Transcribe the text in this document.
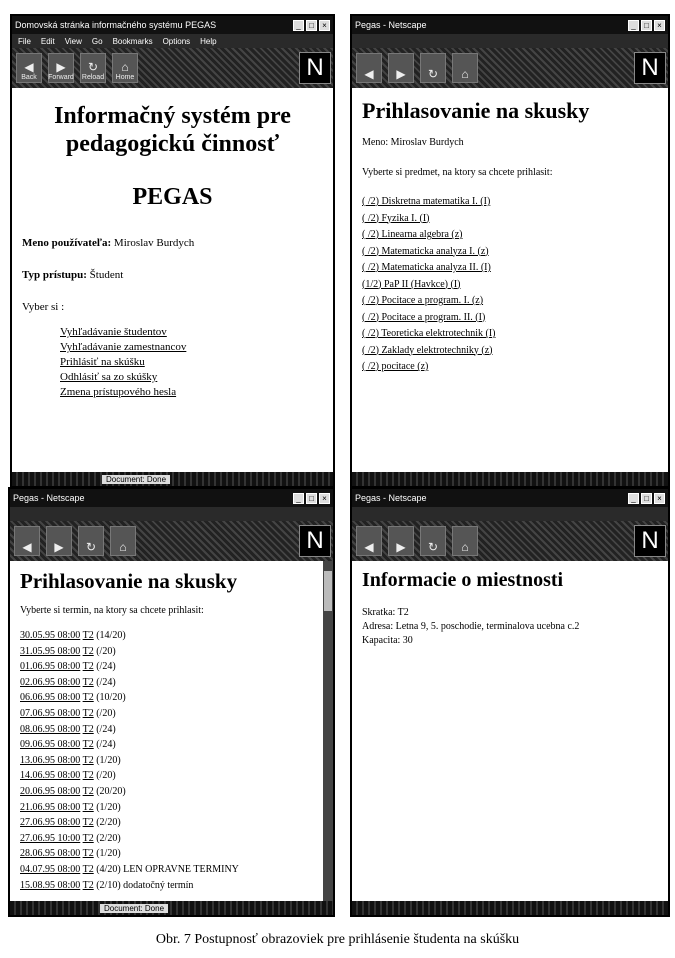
Domovská stránka informačného systému PEGAS	_	□	×
File Edit View Go Bookmarks Options Help
◀
Back
▶
Forward
↻
Reload
⌂
Home	N
Informačný systém pre pedagogickú činnosť
PEGAS
Meno používateľa: Miroslav Burdych
Typ prístupu: Študent
Vyber si :
Vyhľadávanie študentov
Vyhľadávanie zamestnancov
Prihlásiť na skúšku
Odhlásiť sa zo skúšky
Zmena prístupového hesla
Document: Done
Pegas - Netscape	_	□	×
◀ ▶ ↻ ⌂	N
Prihlasovanie na skusky
Meno: Miroslav Burdych
Vyberte si predmet, na ktory sa chcete prihlasit:
( /2) Diskretna matematika I. (I)
( /2) Fyzika I. (I)
( /2) Linearna algebra (z)
( /2) Matematicka analyza I. (z)
( /2) Matematicka analyza II. (I)
(1/2) PaP II (Havkce) (I)
( /2) Pocitace a program. I. (z)
( /2) Pocitace a program. II. (I)
( /2) Teoreticka elektrotechnik (I)
( /2) Zaklady elektrotechniky (z)
( /2) pocitace (z)
Pegas - Netscape	_	□	×
◀ ▶ ↻ ⌂	N
Prihlasovanie na skusky
Vyberte si termin, na ktory sa chcete prihlasit:
30.05.95 08:00 T2 (14/20)
31.05.95 08:00 T2 (/20)
01.06.95 08:00 T2 (/24)
02.06.95 08:00 T2 (/24)
06.06.95 08:00 T2 (10/20)
07.06.95 08:00 T2 (/20)
08.06.95 08:00 T2 (/24)
09.06.95 08:00 T2 (/24)
13.06.95 08:00 T2 (1/20)
14.06.95 08:00 T2 (/20)
20.06.95 08:00 T2 (20/20)
21.06.95 08:00 T2 (1/20)
27.06.95 08:00 T2 (2/20)
27.06.95 10:00 T2 (2/20)
28.06.95 08:00 T2 (1/20)
04.07.95 08:00 T2 (4/20) LEN OPRAVNE TERMINY
15.08.95 08:00 T2 (2/10) dodatočný termín
Document: Done
Pegas - Netscape	_	□	×
◀ ▶ ↻ ⌂	N
Informacie o miestnosti
Skratka: T2
Adresa: Letna 9, 5. poschodie, terminalova ucebna c.2
Kapacita: 30
Obr. 7 Postupnosť obrazoviek pre prihlásenie študenta na skúšku
